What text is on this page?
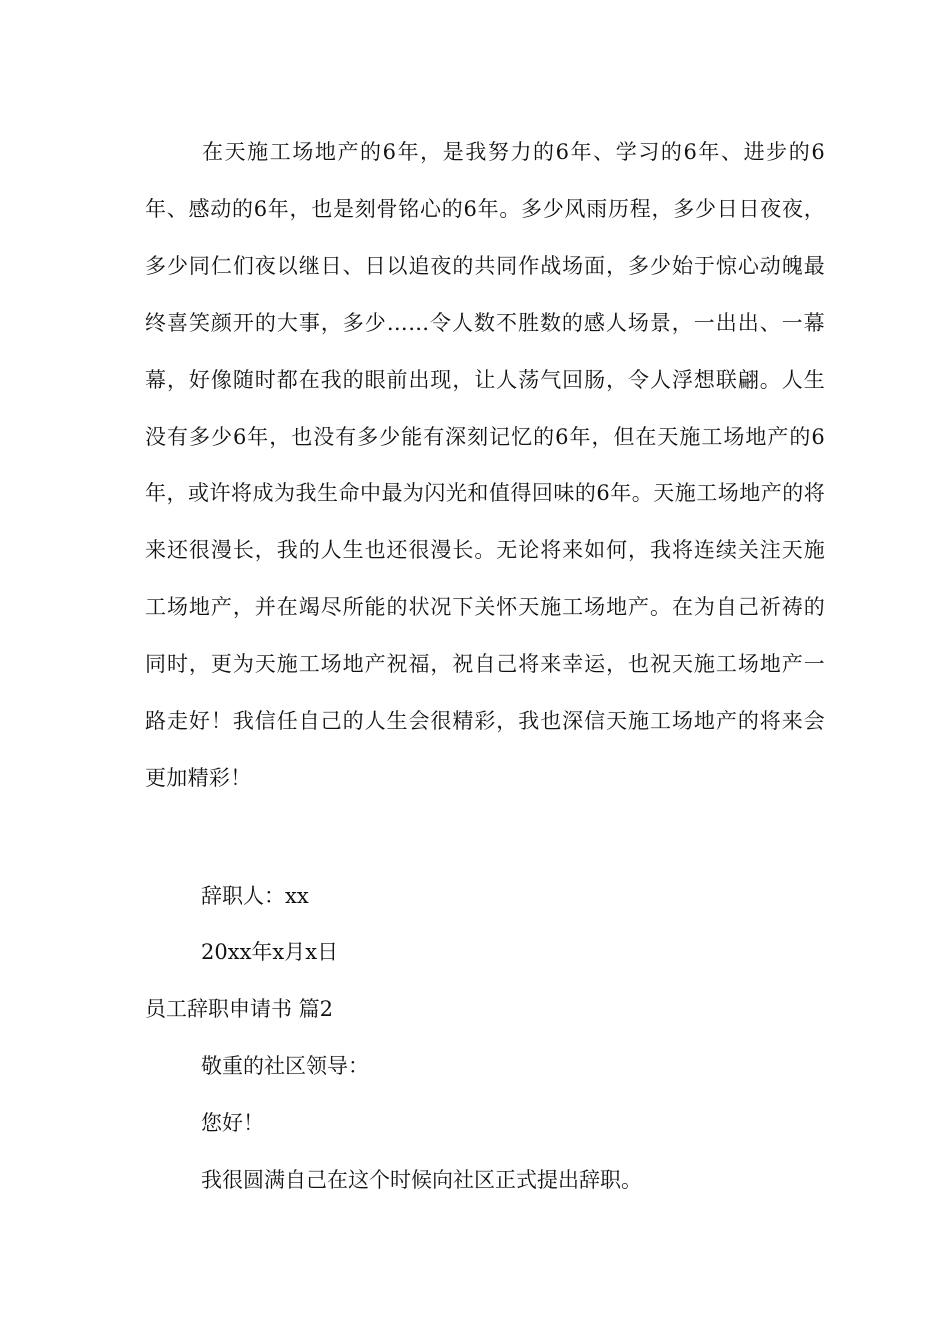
在天施工场地产的6年，是我努力的6年、学习的6年、进步的6年、感动的6年，也是刻骨铭心的6年。多少风雨历程，多少日日夜夜，多少同仁们夜以继日、日以追夜的共同作战场面，多少始于惊心动魄最终喜笑颜开的大事，多少……令人数不胜数的感人场景，一出出、一幕幕，好像随时都在我的眼前出现，让人荡气回肠，令人浮想联翩。人生没有多少6年，也没有多少能有深刻记忆的6年，但在天施工场地产的6年，或许将成为我生命中最为闪光和值得回味的6年。天施工场地产的将来还很漫长，我的人生也还很漫长。无论将来如何，我将连续关注天施工场地产，并在竭尽所能的状况下关怀天施工场地产。在为自己祈祷的同时，更为天施工场地产祝福，祝自己将来幸运，也祝天施工场地产一路走好！我信任自己的人生会很精彩，我也深信天施工场地产的将来会更加精彩！

辞职人：xx

20xx年x月x日

员工辞职申请书 篇2

敬重的社区领导：

您好！

我很圆满自己在这个时候向社区正式提出辞职。
